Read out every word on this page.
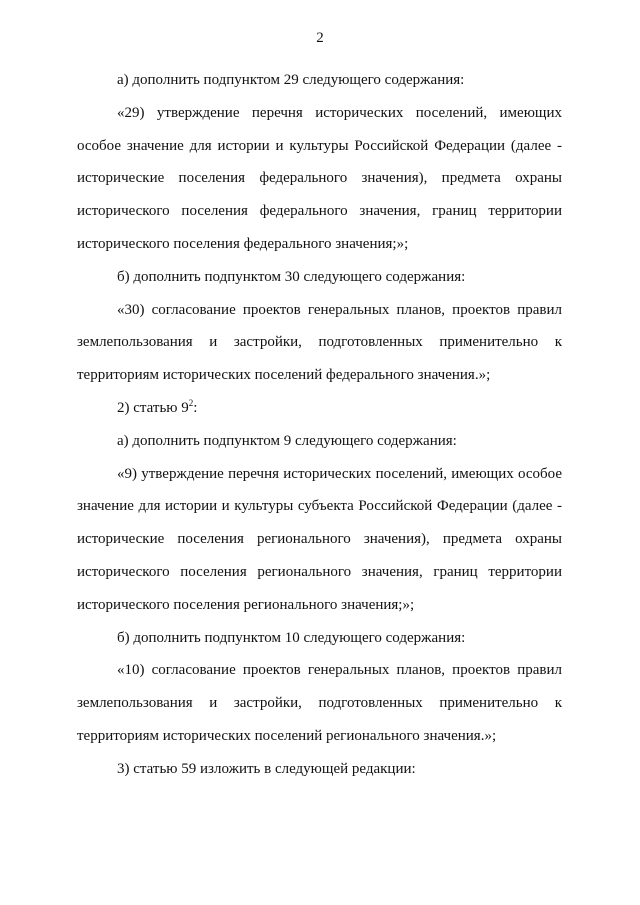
2

а) дополнить подпунктом 29 следующего содержания:

«29) утверждение перечня исторических поселений, имеющих особое значение для истории и культуры Российской Федерации (далее - исторические поселения федерального значения), предмета охраны исторического поселения федерального значения, границ территории исторического поселения федерального значения;»;

б) дополнить подпунктом 30 следующего содержания:

«30) согласование проектов генеральных планов, проектов правил землепользования и застройки, подготовленных применительно к территориям исторических поселений федерального значения.»;

2) статью $9^2$:

а) дополнить подпунктом 9 следующего содержания:

«9) утверждение перечня исторических поселений, имеющих особое значение для истории и культуры субъекта Российской Федерации (далее - исторические поселения регионального значения), предмета охраны исторического поселения регионального значения, границ территории исторического поселения регионального значения;»;

б) дополнить подпунктом 10 следующего содержания:

«10) согласование проектов генеральных планов, проектов правил землепользования и застройки, подготовленных применительно к территориям исторических поселений регионального значения.»;

3) статью 59 изложить в следующей редакции:
